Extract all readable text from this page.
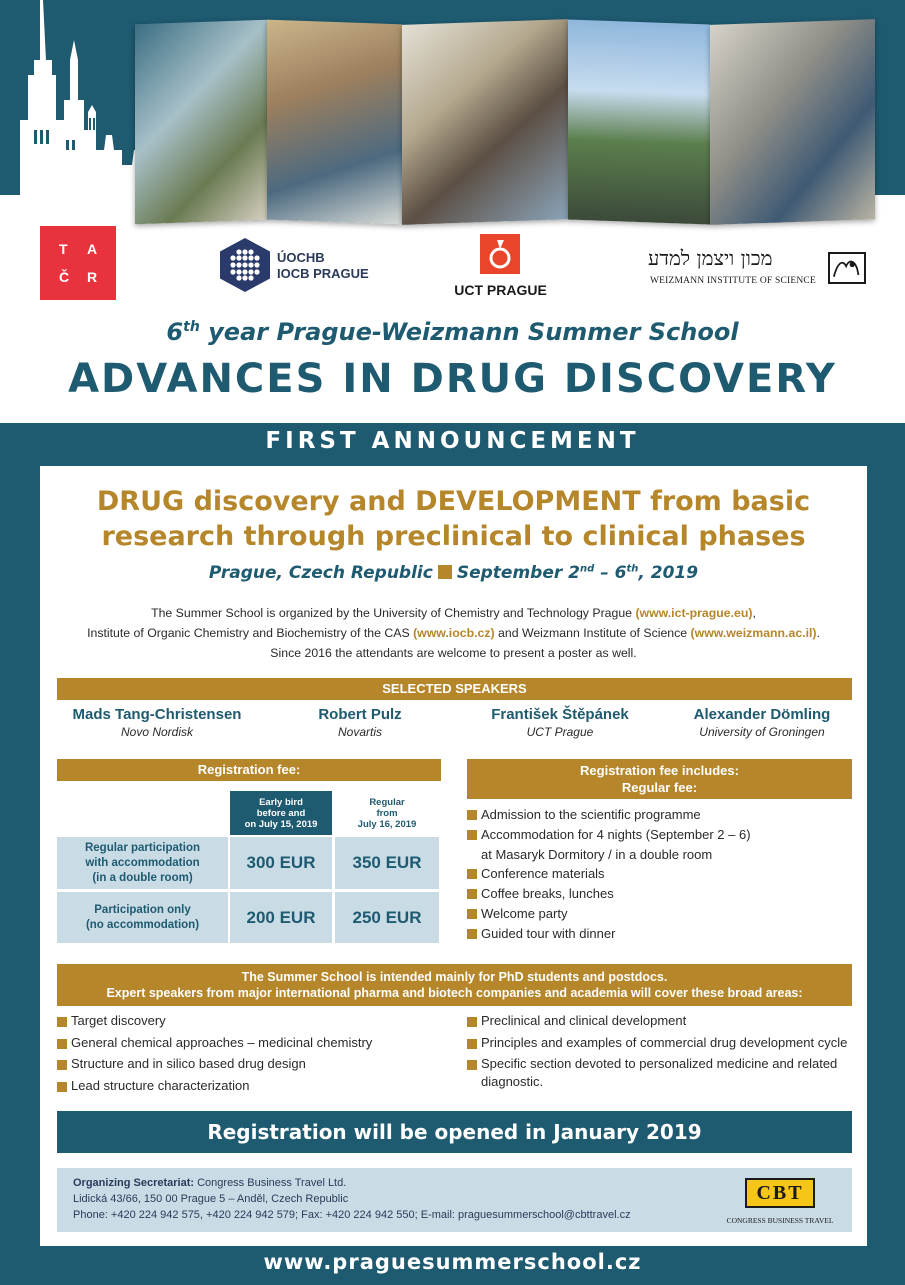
T A
Č R
ÚOCHB
IOCB PRAGUE
UCT PRAGUE
מכון ויצמן למדע
WEIZMANN INSTITUTE OF SCIENCE
6th year Prague-Weizmann Summer School
ADVANCES IN DRUG DISCOVERY
FIRST ANNOUNCEMENT
DRUG discovery and DEVELOPMENT from basic
research through preclinical to clinical phases
Prague, Czech Republic September 2nd – 6th, 2019
The Summer School is organized by the University of Chemistry and Technology Prague (www.ict-prague.eu),
Institute of Organic Chemistry and Biochemistry of the CAS (www.iocb.cz) and Weizmann Institute of Science (www.weizmann.ac.il).
Since 2016 the attendants are welcome to present a poster as well.
SELECTED SPEAKERS
Mads Tang-Christensen
Novo Nordisk
Robert Pulz
Novartis
František Štěpánek
UCT Prague
Alexander Dömling
University of Groningen
Registration fee:	Registration fee includes:
Regular fee:
Early bird
before and
on July 15, 2019
Regular
from
July 16, 2019
Regular participation
with accommodation
(in a double room)
300 EUR	350 EUR
Participation only
(no accommodation)	200 EUR	250 EUR
Admission to the scientific programme
Accommodation for 4 nights (September 2 – 6)
at Masaryk Dormitory / in a double room
Conference materials
Coffee breaks, lunches
Welcome party
Guided tour with dinner
The Summer School is intended mainly for PhD students and postdocs.
Expert speakers from major international pharma and biotech companies and academia will cover these broad areas:
Target discovery
General chemical approaches – medicinal chemistry
Structure and in silico based drug design
Lead structure characterization
Preclinical and clinical development
Principles and examples of commercial drug development cycle
Specific section devoted to personalized medicine and related diagnostic.
Registration will be opened in January 2019
Organizing Secretariat: Congress Business Travel Ltd.
Lidická 43/66, 150 00 Prague 5 – Anděl, Czech Republic
Phone: +420 224 942 575, +420 224 942 579; Fax: +420 224 942 550; E-mail: praguesummerschool@cbttravel.cz
CBT
CONGRESS BUSINESS TRAVEL
www.praguesummerschool.cz
